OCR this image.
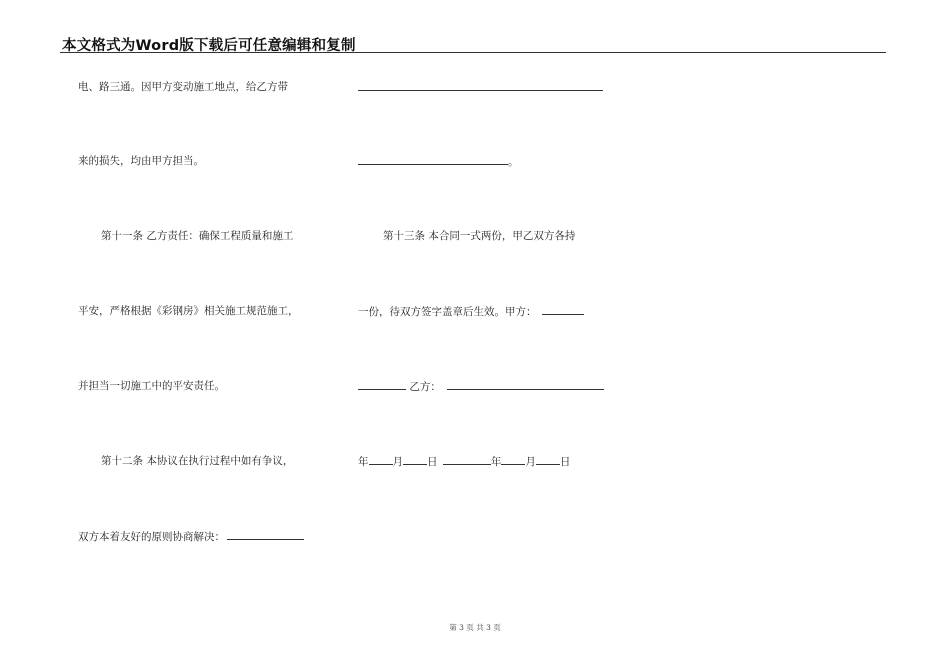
本文格式为Word版下载后可任意编辑和复制
电、路三通。因甲方变动施工地点，给乙方带
来的损失，均由甲方担当。
第十一条 乙方责任：确保工程质量和施工
平安，严格根据《彩钢房》相关施工规范施工，
并担当一切施工中的平安责任。
第十二条 本协议在执行过程中如有争议，
双方本着友好的原则协商解决：
。
第十三条 本合同一式两份，甲乙双方各持
一份，待双方签字盖章后生效。甲方：
乙方：
年 月 日	年 月 日
第 3 页 共 3 页
